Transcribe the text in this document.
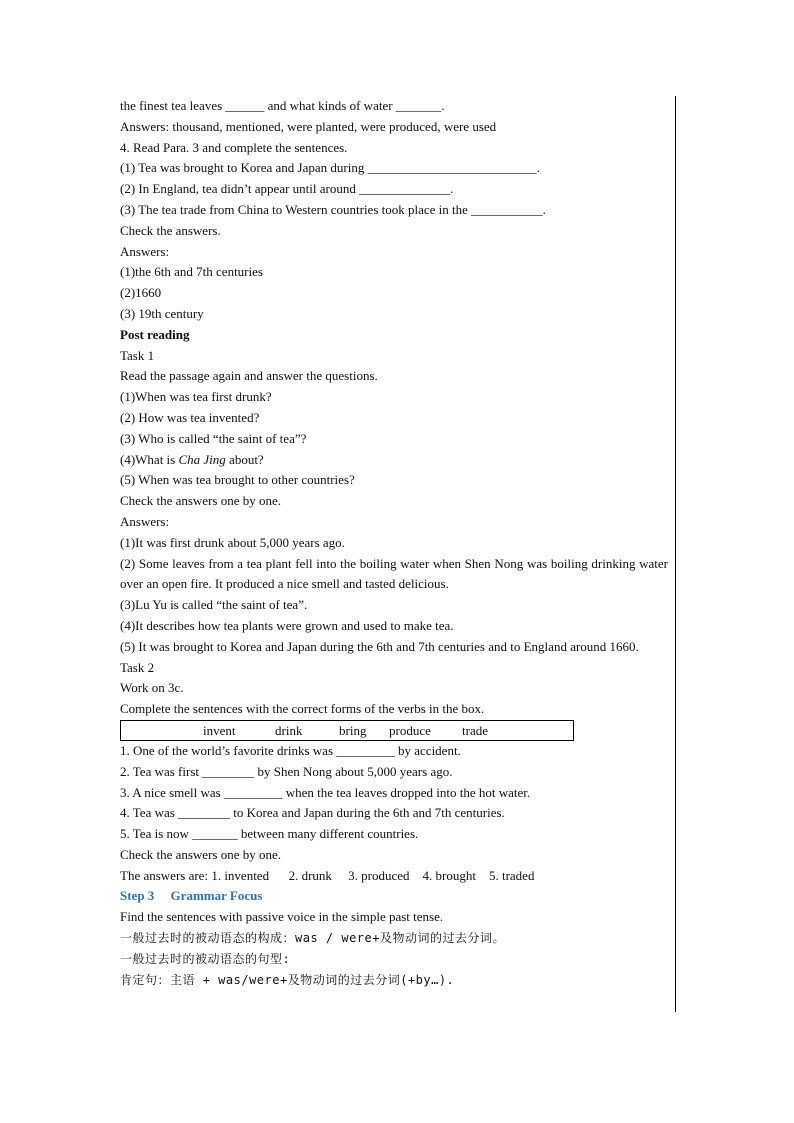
the finest tea leaves ______ and what kinds of water _______.
Answers: thousand, mentioned, were planted, were produced, were used
4. Read Para. 3 and complete the sentences.
(1) Tea was brought to Korea and Japan during __________________________.
(2) In England, tea didn’t appear until around ______________.
(3) The tea trade from China to Western countries took place in the ___________.
Check the answers.
Answers:
(1)the 6th and 7th centuries
(2)1660
(3) 19th century
Post reading
Task 1
Read the passage again and answer the questions.
(1)When was tea first drunk?
(2) How was tea invented?
(3) Who is called “the saint of tea”?
(4)What is Cha Jing about?
(5) When was tea brought to other countries?
Check the answers one by one.
Answers:
(1)It was first drunk about 5,000 years ago.
(2) Some leaves from a tea plant fell into the boiling water when Shen Nong was boiling drinking water over an open fire. It produced a nice smell and tasted delicious.
(3)Lu Yu is called “the saint of tea”.
(4)It describes how tea plants were grown and used to make tea.
(5) It was brought to Korea and Japan during the 6th and 7th centuries and to England around 1660.
Task 2
Work on 3c.
Complete the sentences with the correct forms of the verbs in the box.
invent	drink	bring produce trade
1. One of the world’s favorite drinks was _________ by accident.
2. Tea was first ________ by Shen Nong about 5,000 years ago.
3. A nice smell was _________ when the tea leaves dropped into the hot water.
4. Tea was ________ to Korea and Japan during the 6th and 7th centuries.
5. Tea is now _______ between many different countries.
Check the answers one by one.
The answers are: 1. invented      2. drunk     3. produced    4. brought    5. traded
Step 3     Grammar Focus
Find the sentences with passive voice in the simple past tense.
一般过去时的被动语态的构成：was / were+及物动词的过去分词。
一般过去时的被动语态的句型:
肯定句：主语 + was/were+及物动词的过去分词(+by…).
